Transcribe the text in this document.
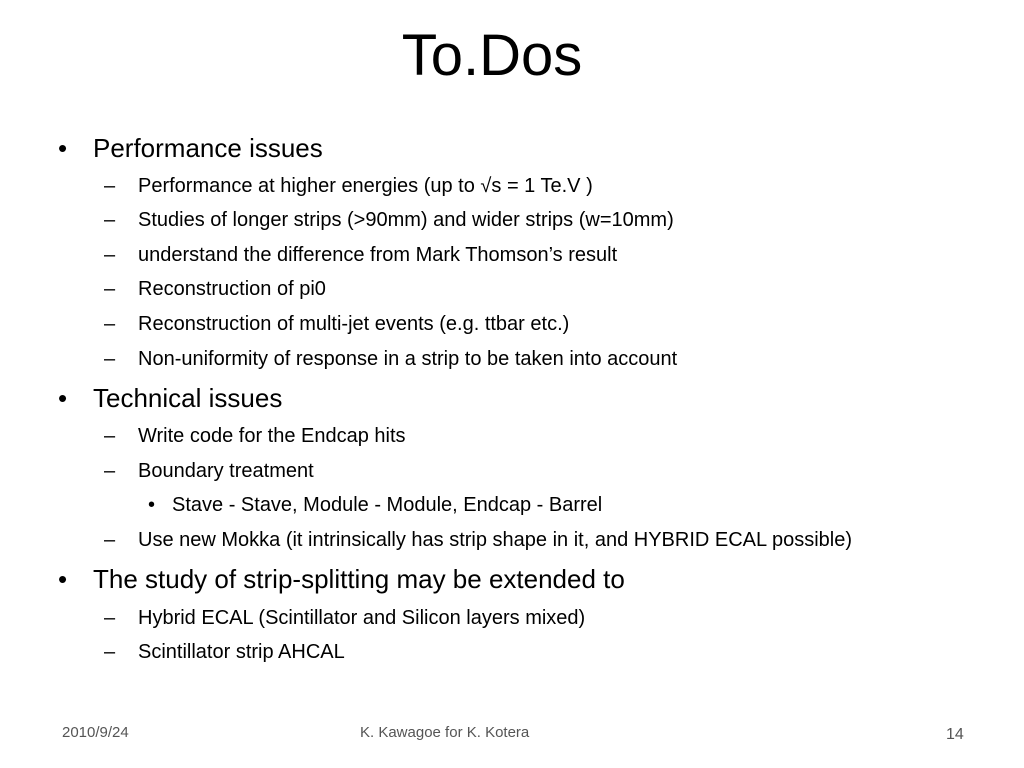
To.Dos
• Performance issues
– Performance at higher energies (up to √s = 1 Te.V )
– Studies of longer strips (>90mm) and wider strips (w=10mm)
– understand the difference from Mark Thomson’s result
– Reconstruction of pi0
– Reconstruction of multi-jet events (e.g. ttbar etc.)
– Non-uniformity of response in a strip to be taken into account
• Technical issues
– Write code for the Endcap hits
– Boundary treatment
• Stave - Stave, Module - Module, Endcap - Barrel
– Use new Mokka (it intrinsically has strip shape in it, and HYBRID ECAL possible)
• The study of strip-splitting may be extended to
– Hybrid ECAL (Scintillator and Silicon layers mixed)
– Scintillator strip AHCAL
2010/9/24	K. Kawagoe for K. Kotera	14
